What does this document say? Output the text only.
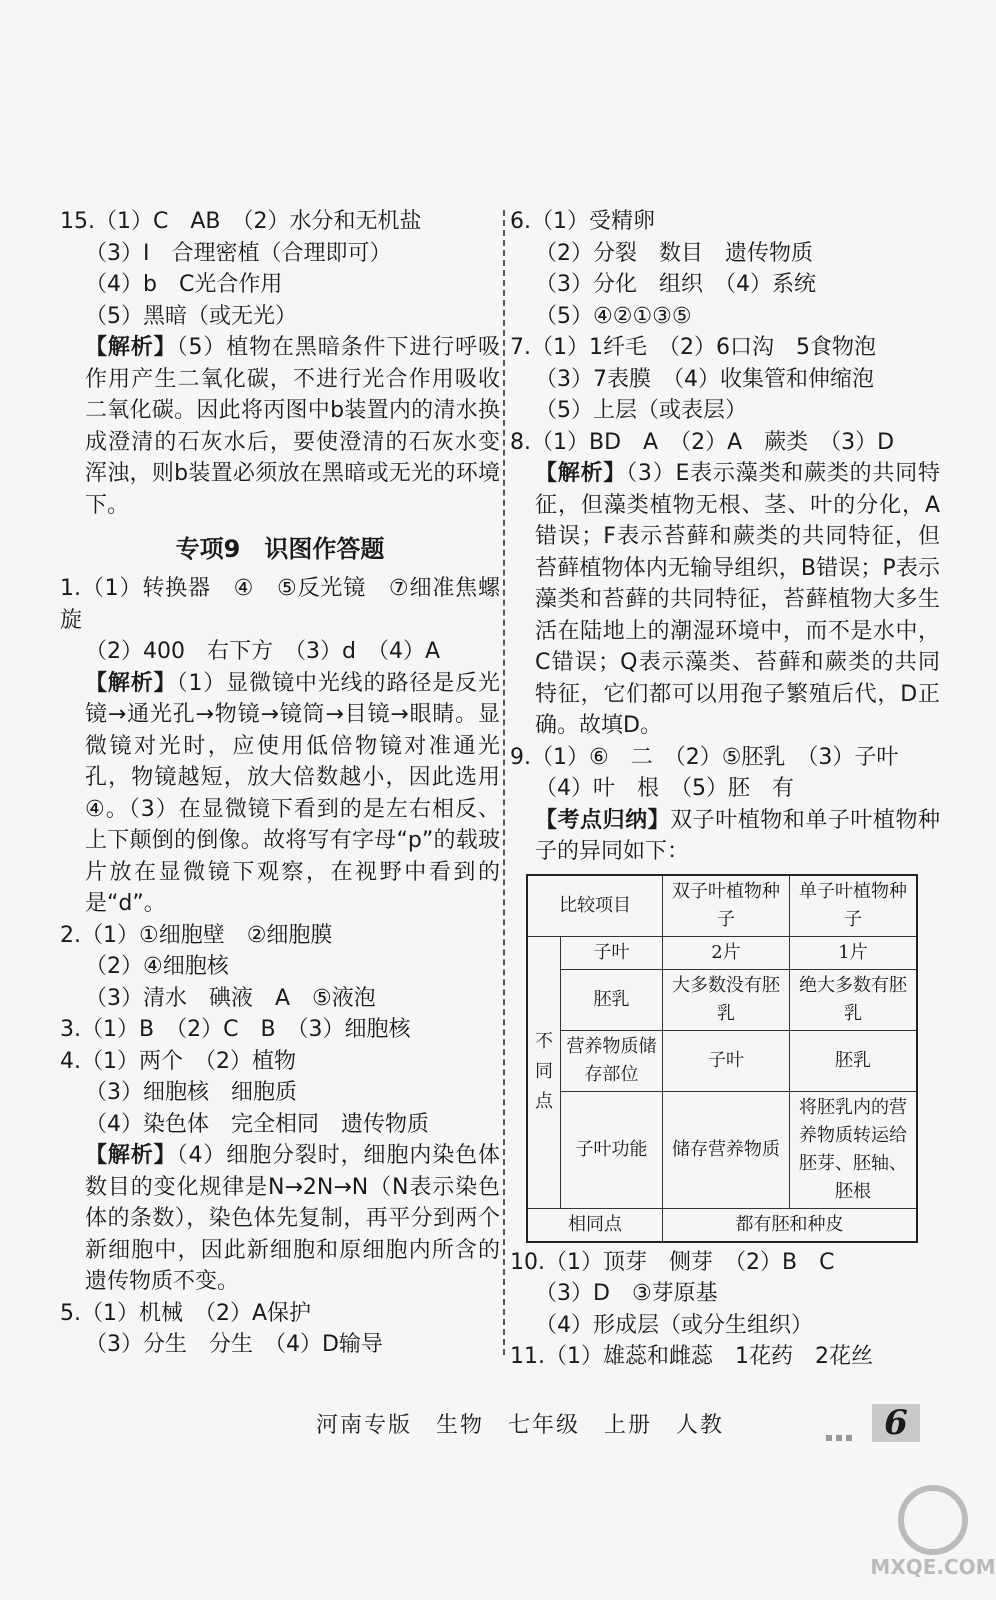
15.（1）C　AB　（2）水分和无机盐
（3）Ⅰ　合理密植（合理即可）
（4）b　C光合作用
（5）黑暗（或无光）
【解析】（5）植物在黑暗条件下进行呼吸作用产生二氧化碳，不进行光合作用吸收二氧化碳。因此将丙图中b装置内的清水换成澄清的石灰水后，要使澄清的石灰水变浑浊，则b装置必须放在黑暗或无光的环境下。
专项9　识图作答题
1.（1）转换器　④　⑤反光镜　⑦细准焦螺旋
（2）400　右下方　（3）d　（4）A
【解析】（1）显微镜中光线的路径是反光镜→通光孔→物镜→镜筒→目镜→眼睛。显微镜对光时，应使用低倍物镜对准通光孔，物镜越短，放大倍数越小，因此选用④。（3）在显微镜下看到的是左右相反、上下颠倒的倒像。故将写有字母“p”的载玻片放在显微镜下观察，在视野中看到的是“d”。
2.（1）①细胞壁　②细胞膜
（2）④细胞核
（3）清水　碘液　A　⑤液泡
3.（1）B　（2）C　B　（3）细胞核
4.（1）两个　（2）植物
（3）细胞核　细胞质
（4）染色体　完全相同　遗传物质
【解析】（4）细胞分裂时，细胞内染色体数目的变化规律是N→2N→N（N表示染色体的条数），染色体先复制，再平分到两个新细胞中，因此新细胞和原细胞内所含的遗传物质不变。
5.（1）机械　（2）A保护
（3）分生　分生　（4）D输导
6.（1）受精卵
（2）分裂　数目　遗传物质
（3）分化　组织　（4）系统
（5）④②①③⑤
7.（1）1纤毛　（2）6口沟　5食物泡
（3）7表膜　（4）收集管和伸缩泡
（5）上层（或表层）
8.（1）BD　A　（2）A　蕨类　（3）D
【解析】（3）E表示藻类和蕨类的共同特征，但藻类植物无根、茎、叶的分化，A错误；F表示苔藓和蕨类的共同特征，但苔藓植物体内无输导组织，B错误；P表示藻类和苔藓的共同特征，苔藓植物大多生活在陆地上的潮湿环境中，而不是水中，C错误；Q表示藻类、苔藓和蕨类的共同特征，它们都可以用孢子繁殖后代，D正确。故填D。
9.（1）⑥　二　（2）⑤胚乳　（3）子叶
（4）叶　根　（5）胚　有
【考点归纳】双子叶植物和单子叶植物种子的异同如下：
比较项目		双子叶植物种子	单子叶植物种子
不同点	子叶	2片	1片
	胚乳	大多数没有胚乳	绝大多数有胚乳
	营养物质储存部位	子叶	胚乳
	子叶功能	储存营养物质	将胚乳内的营养物质转运给胚芽、胚轴、胚根
相同点		都有胚和种皮	
10.（1）顶芽　侧芽　（2）B　C
（3）D　③芽原基
（4）形成层（或分生组织）
11.（1）雄蕊和雌蕊　1花药　2花丝
河南专版　生物　七年级　上册　人教	6
MXQE.COM
